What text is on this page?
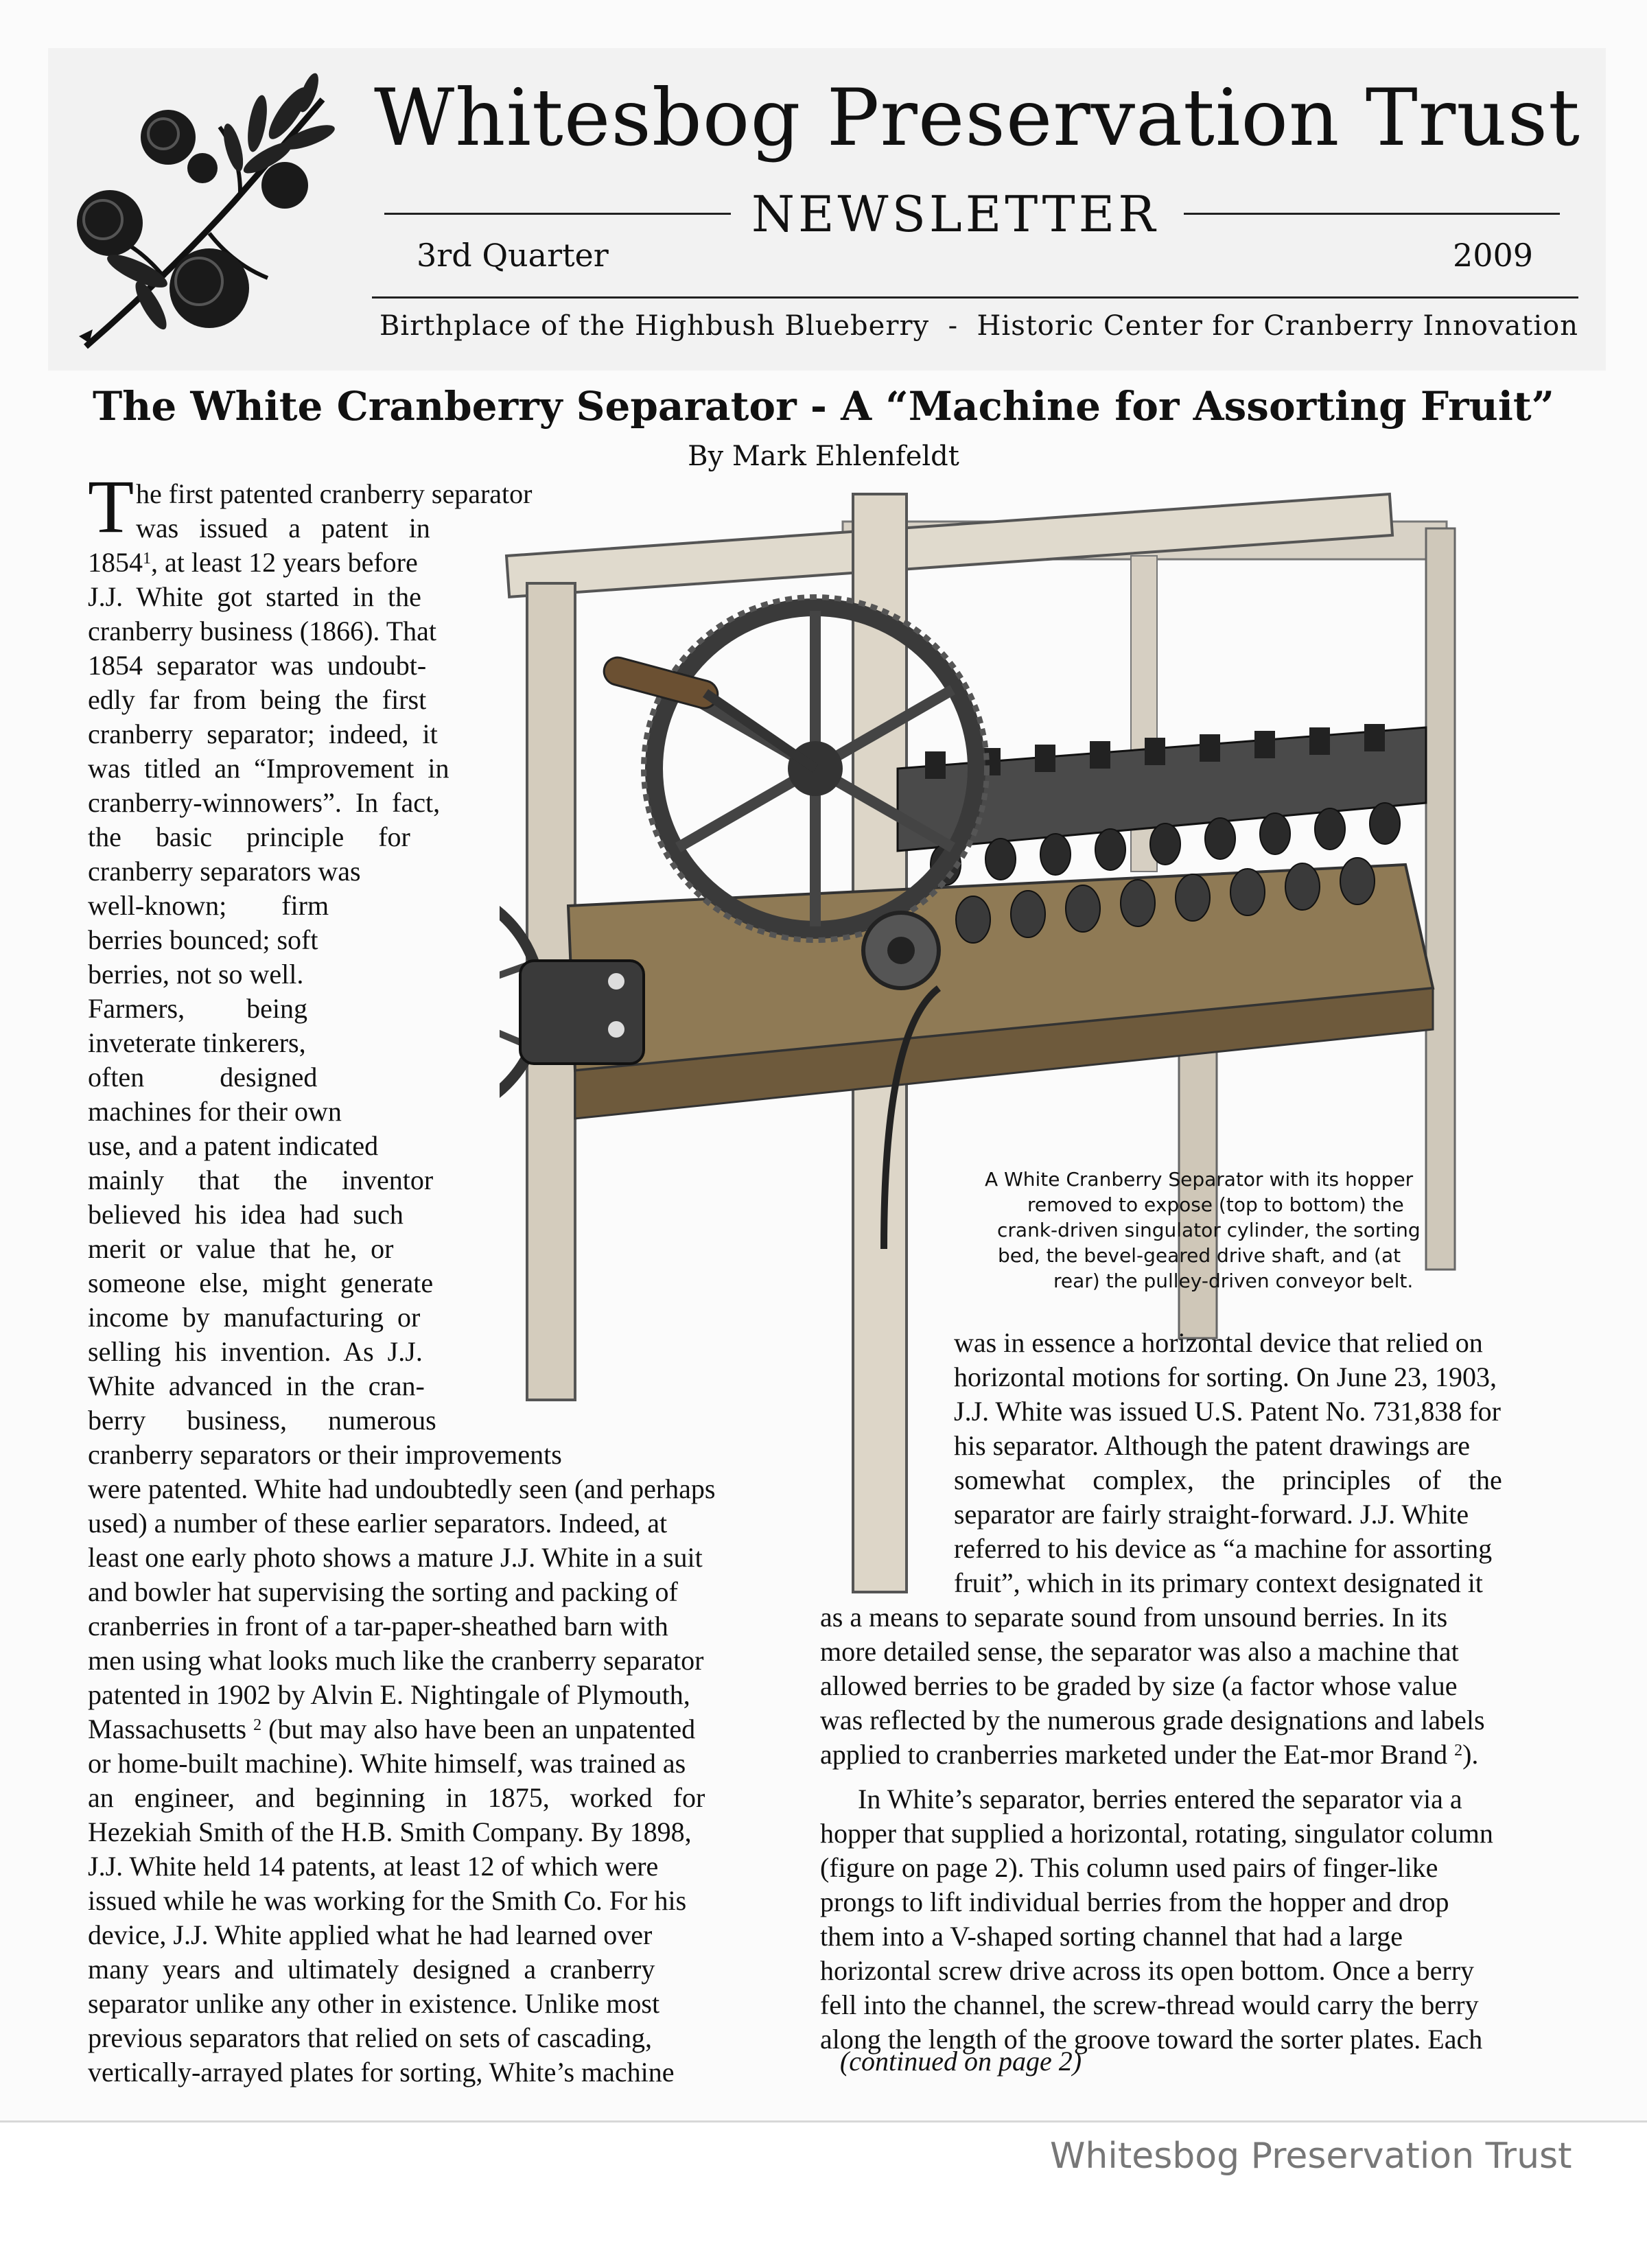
Whitesbog Preservation Trust
NEWSLETTER
3rd Quarter	2009
Birthplace of the Highbush Blueberry  -  Historic Center for Cranberry Innovation
The White Cranberry Separator - A “Machine for Assorting Fruit”
By Mark Ehlenfeldt
A White Cranberry Separator with its hopper
removed to expose (top to bottom) the
crank-driven singulator cylinder, the sorting
bed, the bevel-geared drive shaft, and (at
rear) the pulley-driven conveyor belt.
T he first patented cranberry separator
was   issued   a   patent   in
1854$^1$, at least 12 years before
J.J.  White  got  started  in  the
cranberry business (1866). That
1854  separator  was  undoubt-
edly  far  from  being  the  first
cranberry  separator;  indeed,  it
was  titled  an  “Improvement  in
cranberry-winnowers”.  In  fact,
the     basic     principle     for
cranberry separators was
well-known;        firm
berries bounced; soft
berries, not so well.
Farmers,         being
inveterate tinkerers,
often           designed
machines for their own
use, and a patent indicated
mainly     that     the     inventor
believed  his  idea  had  such
merit  or  value  that  he,  or
someone  else,  might  generate
income  by  manufacturing  or
selling  his  invention.  As  J.J.
White  advanced  in  the  cran-
berry      business,      numerous
cranberry separators or their improvements
were patented. White had undoubtedly seen (and perhaps
used) a number of these earlier separators. Indeed, at
least one early photo shows a mature J.J. White in a suit
and bowler hat supervising the sorting and packing of
cranberries in front of a tar-paper-sheathed barn with
men using what looks much like the cranberry separator
patented in 1902 by Alvin E. Nightingale of Plymouth,
Massachusetts $^2$ (but may also have been an unpatented
or home-built machine). White himself, was trained as
an   engineer,   and   beginning   in   1875,   worked   for
Hezekiah Smith of the H.B. Smith Company. By 1898,
J.J. White held 14 patents, at least 12 of which were
issued while he was working for the Smith Co. For his
device, J.J. White applied what he had learned over
many  years  and  ultimately  designed  a  cranberry
separator unlike any other in existence. Unlike most
previous separators that relied on sets of cascading,
vertically-arrayed plates for sorting, White’s machine
was in essence a horizontal device that relied on
horizontal motions for sorting. On June 23, 1903,
J.J. White was issued U.S. Patent No. 731,838 for
his separator. Although the patent drawings are
somewhat    complex,    the    principles    of    the
separator are fairly straight-forward. J.J. White
referred to his device as “a machine for assorting
fruit”, which in its primary context designated it
as a means to separate sound from unsound berries. In its
more detailed sense, the separator was also a machine that
allowed berries to be graded by size (a factor whose value
was reflected by the numerous grade designations and labels
applied to cranberries marketed under the Eat-mor Brand $^2$).
In White’s separator, berries entered the separator via a
hopper that supplied a horizontal, rotating, singulator column
(figure on page 2). This column used pairs of finger-like
prongs to lift individual berries from the hopper and drop
them into a V-shaped sorting channel that had a large
horizontal screw drive across its open bottom. Once a berry
fell into the channel, the screw-thread would carry the berry
along the length of the groove toward the sorter plates. Each
(continued on page 2)
Whitesbog Preservation Trust
